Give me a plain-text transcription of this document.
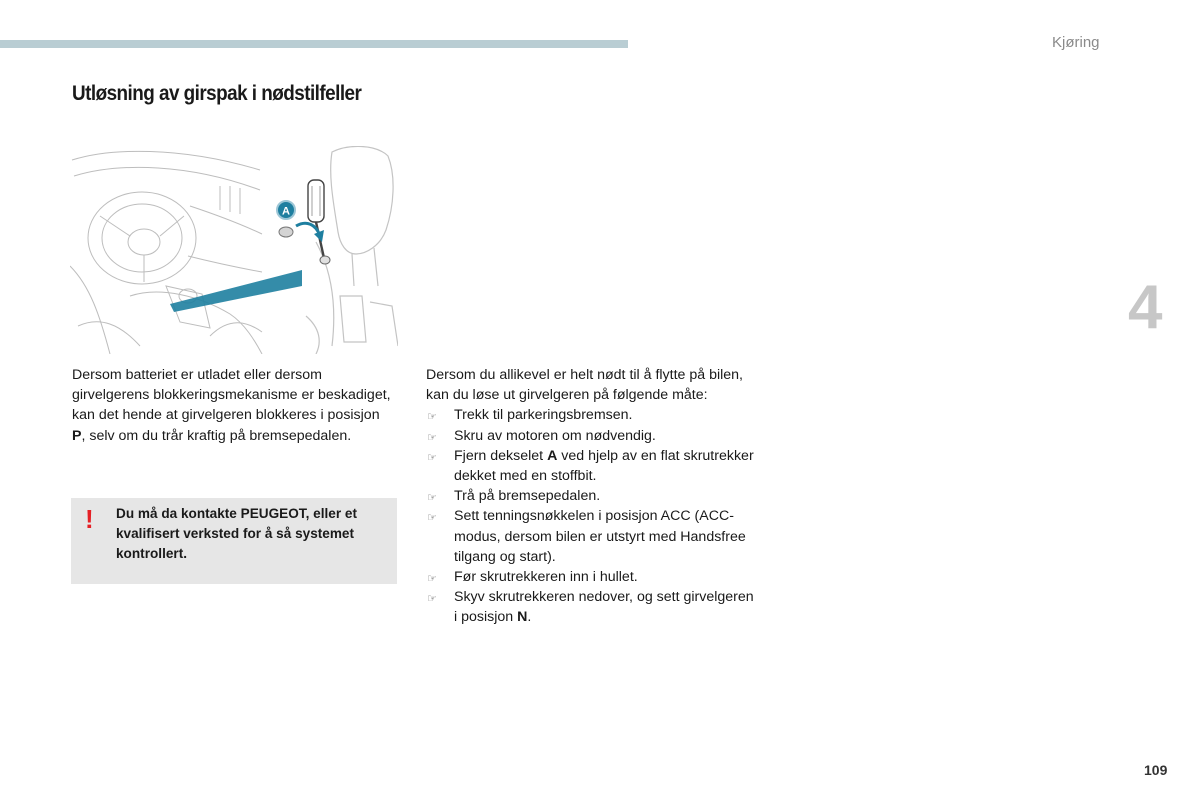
Kjøring
Utløsning av girspak i nødstilfeller
4
A

Dersom batteriet er utladet eller dersom girvelgerens blokkeringsmekanisme er beskadiget, kan det hende at girvelgeren blokkeres i posisjon P, selv om du trår kraftig på bremsepedalen.

! Du må da kontakte PEUGEOT, eller et kvalifisert verksted for å så systemet kontrollert.
Dersom du allikevel er helt nødt til å flytte på bilen, kan du løse ut girvelgeren på følgende måte:
☞ Trekk til parkeringsbremsen.
☞ Skru av motoren om nødvendig.
☞ Fjern dekselet A ved hjelp av en flat skrutrekker dekket med en stoffbit.
☞ Trå på bremsepedalen.
☞ Sett tenningsnøkkelen i posisjon ACC (ACC-modus, dersom bilen er utstyrt med Handsfree tilgang og start).
☞ Før skrutrekkeren inn i hullet.
☞ Skyv skrutrekkeren nedover, og sett girvelgeren i posisjon N.
109
